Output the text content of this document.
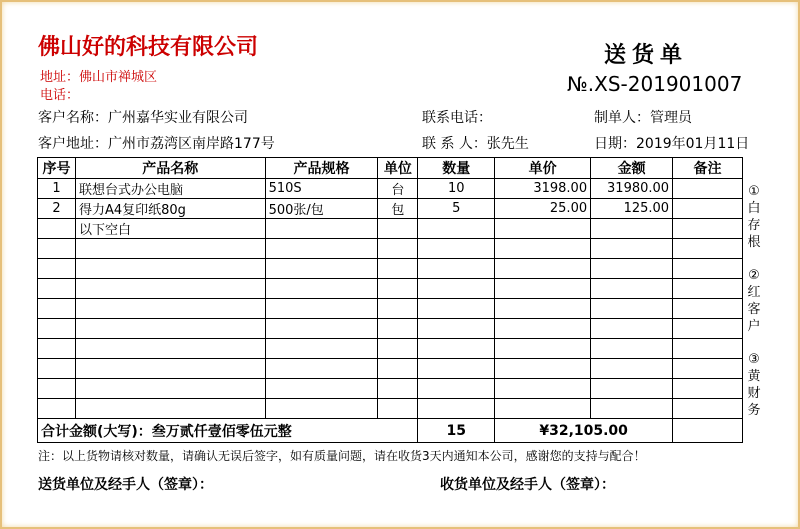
佛山好的科技有限公司
地址：佛山市禅城区
电话：
送货单
№.XS-201901007
客户名称：广州嘉华实业有限公司
客户地址：广州市荔湾区南岸路177号
联系电话：
联 系 人：张先生
制单人：管理员
日期：2019年01月11日
序号	产品名称	产品规格	单位	数量	单价	金额	备注
1	联想台式办公电脑	510S	台	10	3198.00	31980.00	
2	得力A4复印纸80g	500张/包	包	5	25.00	125.00	
	以下空白						

合计金额(大写)：叁万贰仟壹佰零伍元整				15	¥32,105.00		
①白存根
②红客户
③黄财务
注：以上货物请核对数量，请确认无误后签字，如有质量问题，请在收货3天内通知本公司，感谢您的支持与配合！
送货单位及经手人（签章）：	收货单位及经手人（签章）：
